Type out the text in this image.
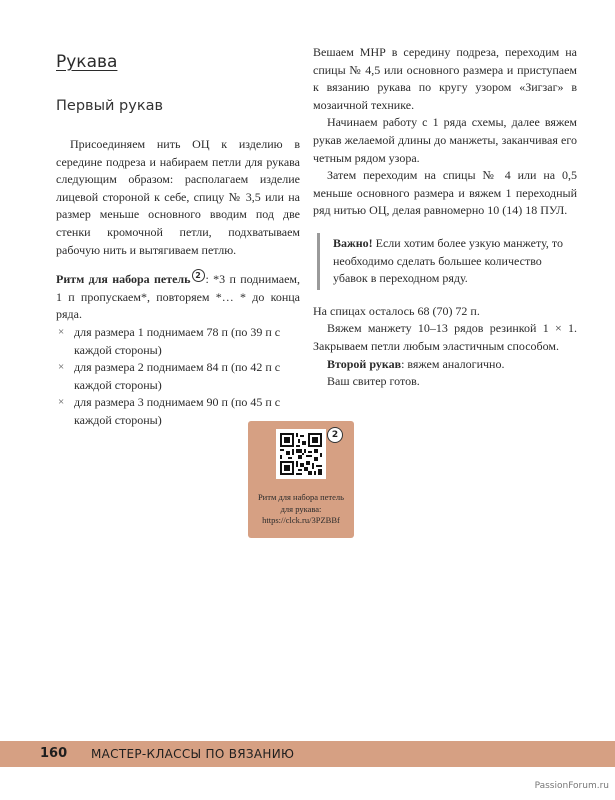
Рукава
Первый рукав

Присоединяем нить ОЦ к изделию в середине подреза и набираем петли для рукава следующим образом: располагаем изделие лицевой стороной к себе, спицу № 3,5 или на размер меньше основного вводим под две стенки кромочной петли, подхватываем рабочую нить и вытягиваем петлю.

Ритм для набора петель 2 : *3 п поднимаем, 1 п пропускаем*, повторяем *… * до конца ряда.

× для размера 1 поднимаем 78 п (по 39 п с каждой стороны)
× для размера 2 поднимаем 84 п (по 42 п с каждой стороны)
× для размера 3 поднимаем 90 п (по 45 п с каждой стороны)

Вешаем МНР в середину подреза, переходим на спицы № 4,5 или основного размера и приступаем к вязанию рукава по кругу узором «Зигзаг» в мозаичной технике.

Начинаем работу с 1 ряда схемы, далее вяжем рукав желаемой длины до манжеты, заканчивая его четным рядом узора.

Затем переходим на спицы № 4 или на 0,5 меньше основного размера и вяжем 1 переходный ряд нитью ОЦ, делая равномерно 10 (14) 18 ПУЛ.

Важно! Если хотим более узкую манжету, то необходимо сделать большее количество убавок в переходном ряду.

На спицах осталось 68 (70) 72 п.

Вяжем манжету 10–13 рядов резинкой 1 × 1. Закрываем петли любым эластичным способом.

Второй рукав: вяжем аналогично.

Ваш свитер готов.

2
Ритм для набора петель
для рукава:
https://clck.ru/3PZBBf
160 МАСТЕР-КЛАССЫ ПО ВЯЗАНИЮ
PassionForum.ru
